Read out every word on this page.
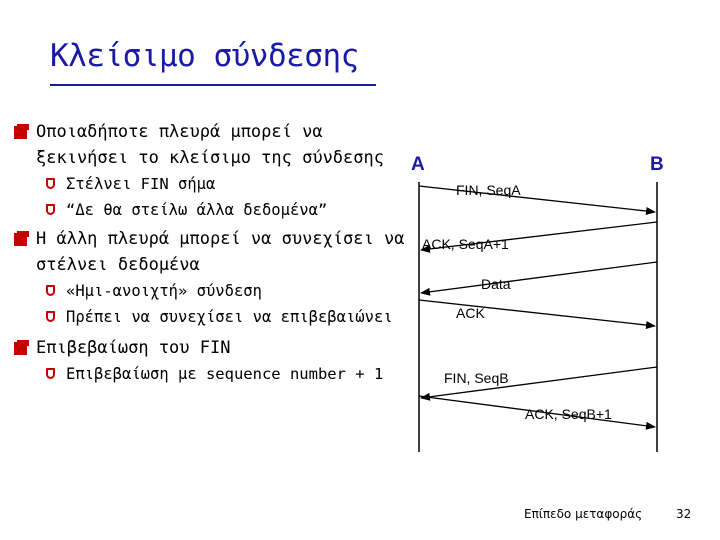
Κλείσιμο σύνδεσης
Οποιαδήποτε πλευρά μπορεί να
ξεκινήσει το κλείσιμο της σύνδεσης
Στέλνει FIN σήμα
“Δε θα στείλω άλλα δεδομένα”
Η άλλη πλευρά μπορεί να συνεχίσει να
στέλνει δεδομένα
«Ημι-ανοιχτή» σύνδεση
Πρέπει να συνεχίσει να επιβεβαιώνει
Επιβεβαίωση του FIN
Επιβεβαίωση με sequence number + 1
A	B
FIN, SeqA
ACK, SeqA+1
Data
ACK
FIN, SeqB
ACK, SeqB+1
Επίπεδο μεταφοράς	32
